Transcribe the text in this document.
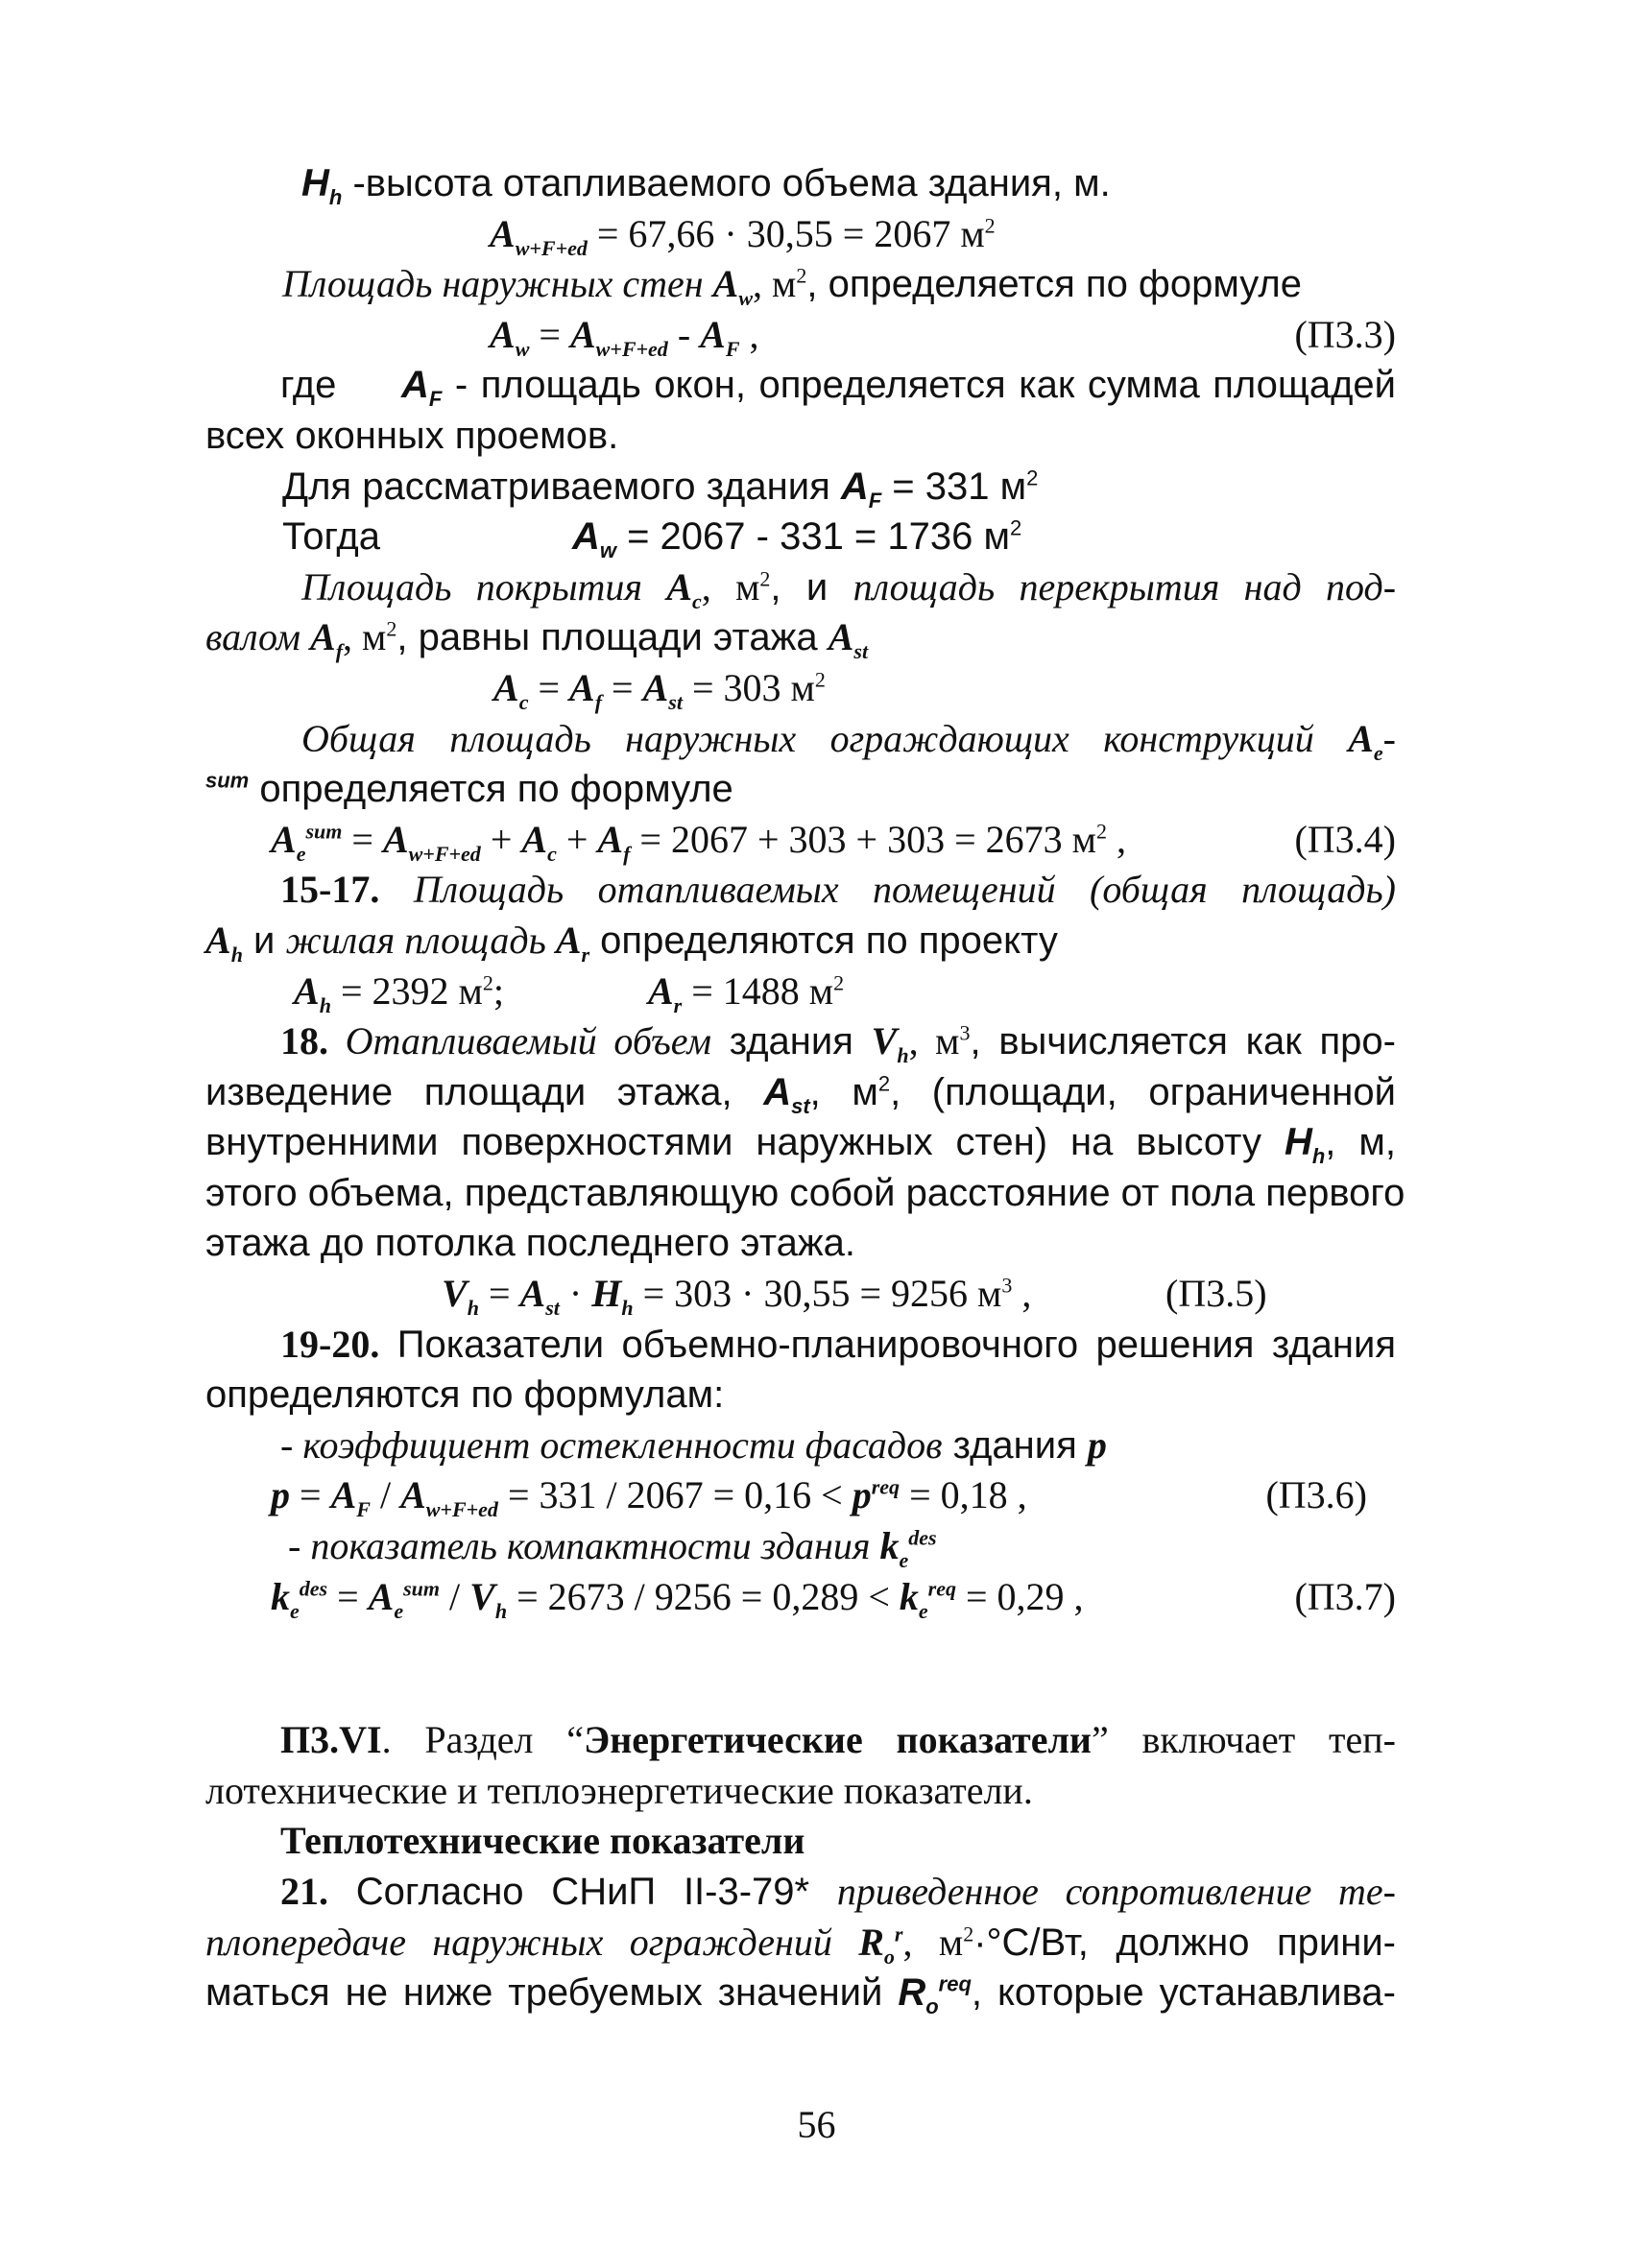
$H_h$ -высота отапливаемого объема здания, м.
$A_{w+F+ed} = 67,66 \cdot 30,55 = 2067$ $м^2$
Площадь наружных стен $A_w$, $м^2$, определяется по формуле
$A_w = A_{w+F+ed} - A_F$ ,	(П3.3)
где $A_F$ - площадь окон, определяется как сумма площадей
всех оконных проемов.
Для рассматриваемого здания $A_F = 331$ $м^2$
Тогда	$A_w = 2067 - 331 = 1736$ $м^2$
Площадь покрытия $A_c$, $м^2$, и площадь перекрытия над под-
валом $A_f$, $м^2$, равны площади этажа $A_{st}$
$A_c = A_f = A_{st} = 303$ $м^2$
Общая площадь наружных ограждающих конструкций $A_e-$
$^{sum}$ определяется по формуле
$A_e^{sum} = A_{w+F+ed} + A_c + A_f = 2067 + 303 + 303 = 2673$ $м^2$ ,	(П3.4)
15-17. Площадь отапливаемых помещений (общая площадь)
$A_h$ и жилая площадь $A_r$ определяются по проекту
$A_h = 2392$ $м^2$;	$A_r = 1488$ $м^2$
18. Отапливаемый объем здания $V_h$, $м^3$, вычисляется как про-
изведение площади этажа, $A_{st}$, $м^2$, (площади, ограниченной
внутренними поверхностями наружных стен) на высоту $H_h$, м,
этого объема, представляющую собой расстояние от пола первого
этажа до потолка последнего этажа.
$V_h = A_{st} \cdot H_h = 303 \cdot 30,55 = 9256$ $м^3$ ,	(П3.5)
19-20. Показатели объемно-планировочного решения здания
определяются по формулам:
- коэффициент остекленности фасадов здания p
$p = A_F / A_{w+F+ed} = 331 / 2067 = 0,16 < p^{req} = 0,18$ ,	(П3.6)
- показатель компактности здания $k_e^{des}$
$k_e^{des} = A_e^{sum} / V_h = 2673 / 9256 = 0,289 < k_e^{req} = 0,29$ ,	(П3.7)
П3.VI. Раздел “Энергетические показатели” включает теп-
лотехнические и теплоэнергетические показатели.
Теплотехнические показатели
21. Согласно СНиП II-3-79* приведенное сопротивление те-
плопередаче наружных ограждений $R_o^r$, $м^2\cdot^\circ С/Вт$, должно прини-
маться не ниже требуемых значений $R_o^{req}$, которые устанавлива-
56
